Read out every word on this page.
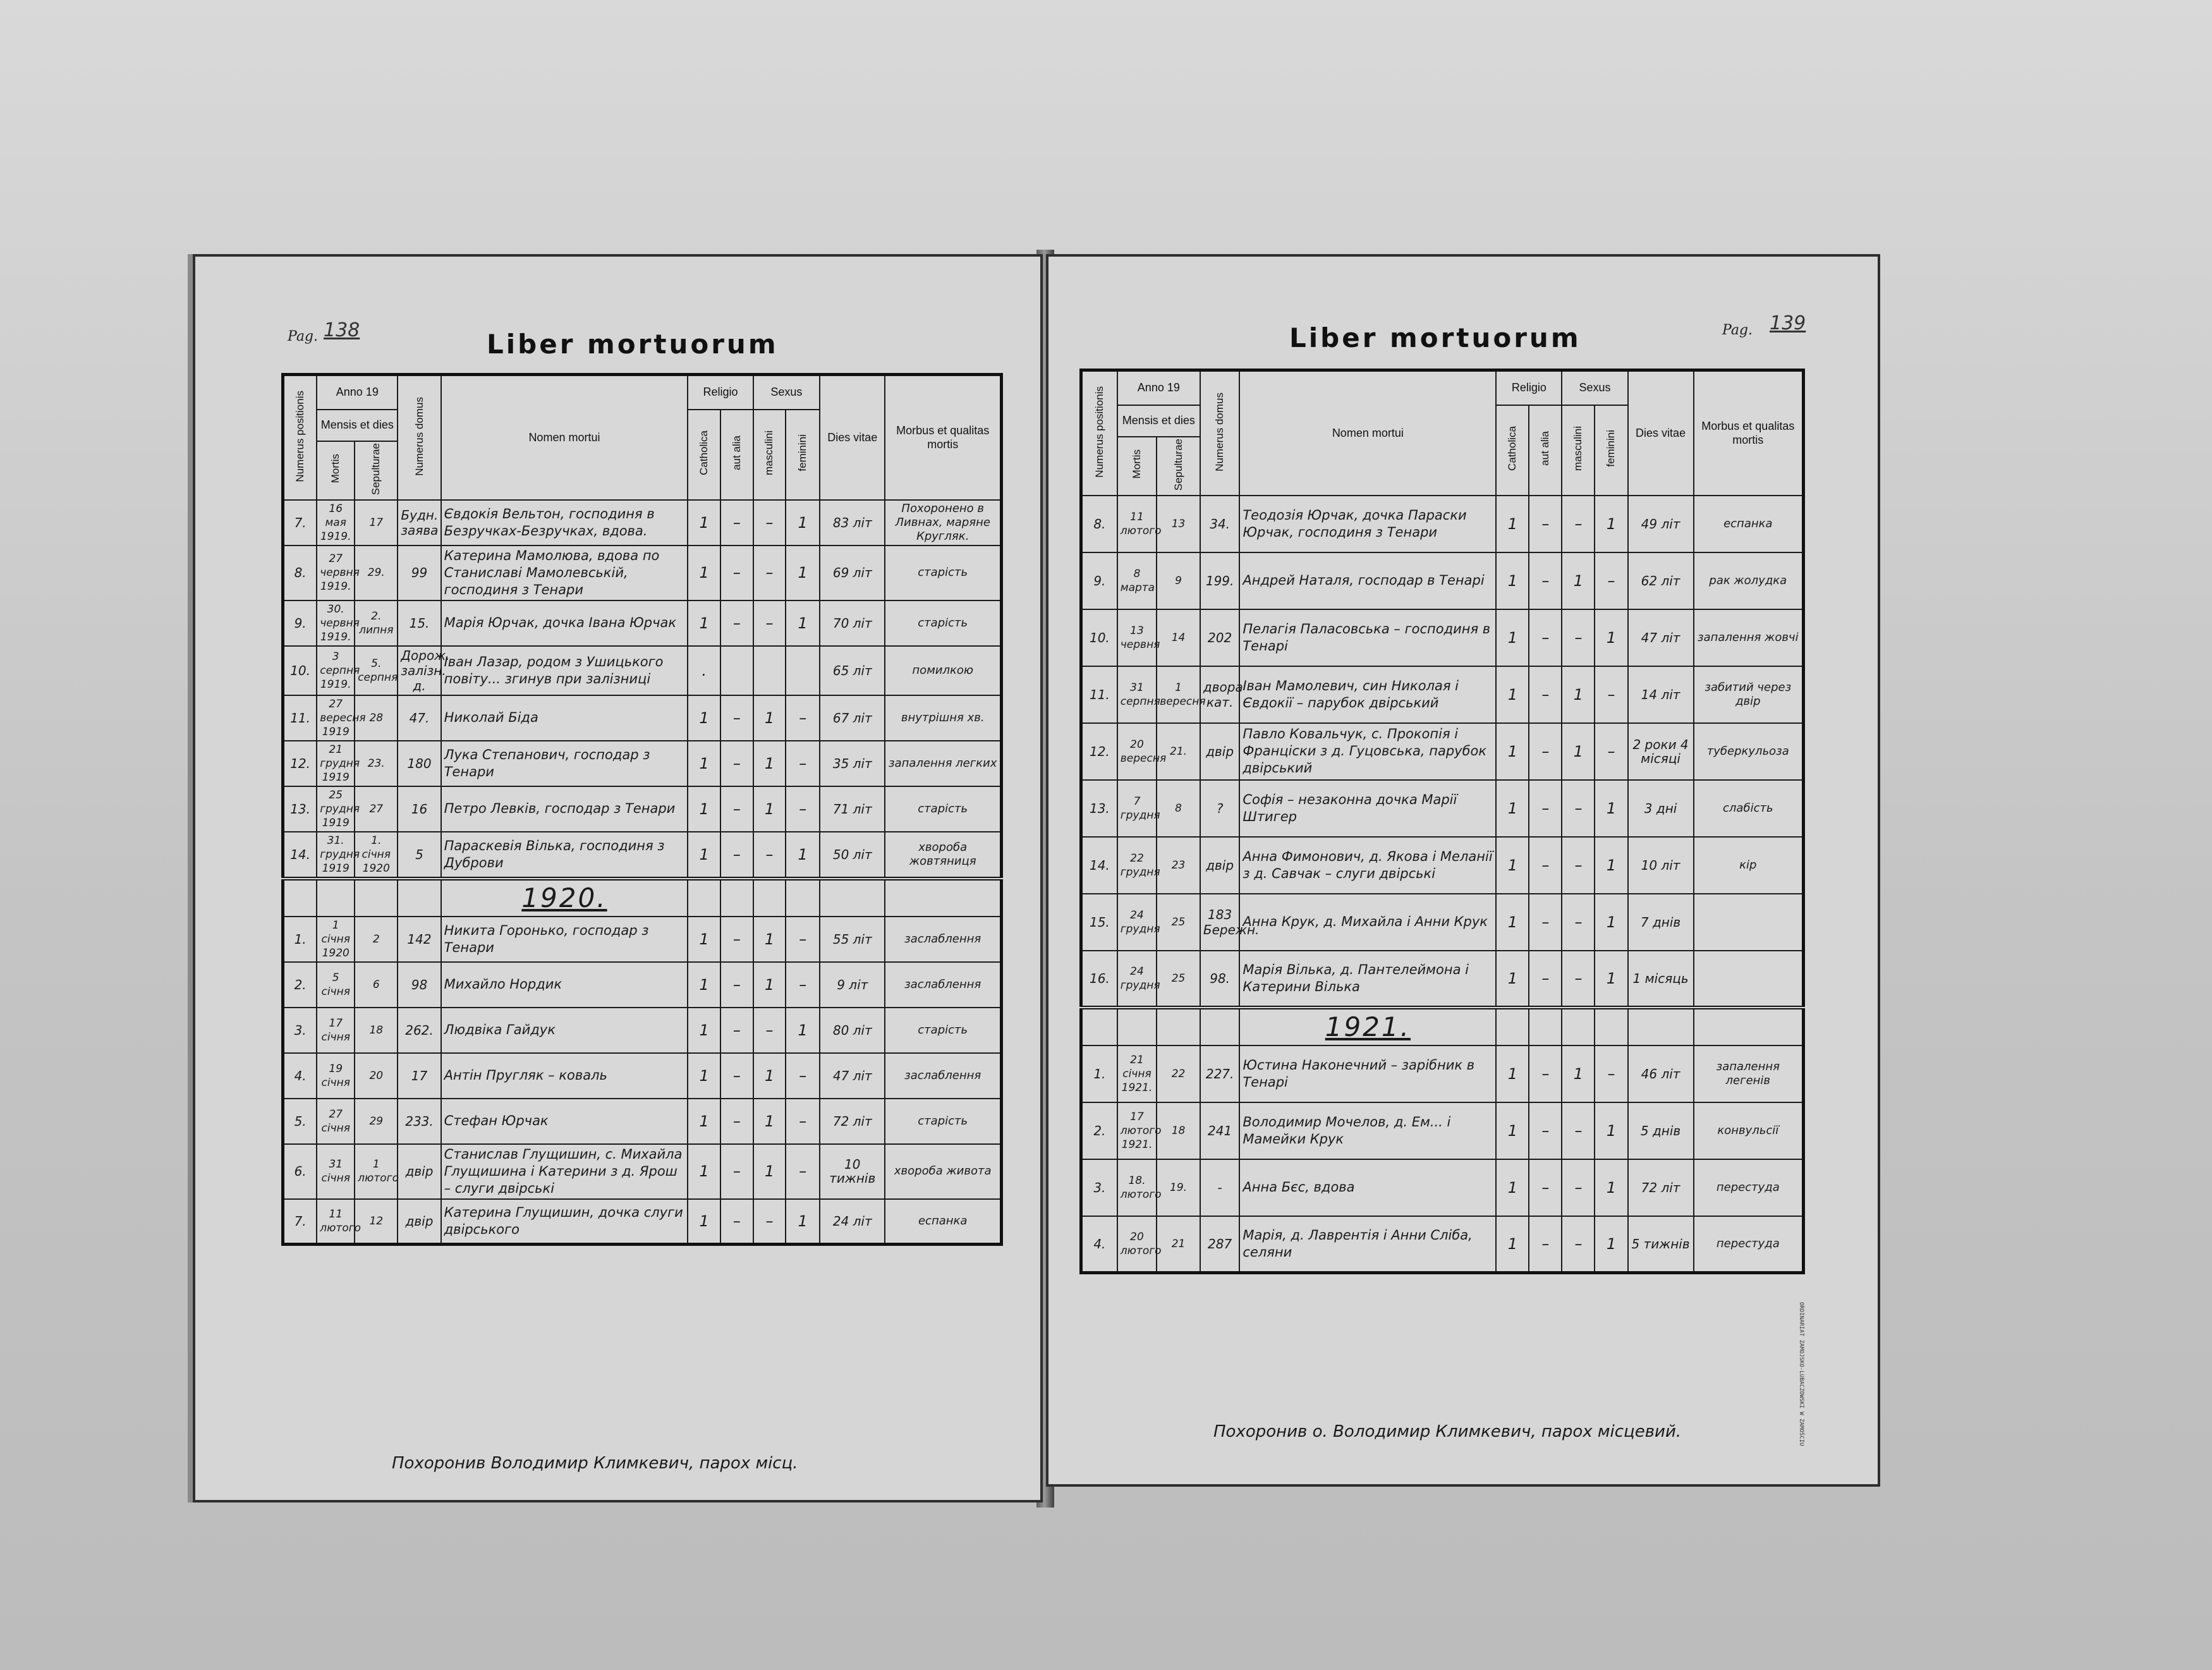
Pag. 138	Liber mortuorum
Numerus positionis	Anno 19		Numerus domus	Nomen mortui	Religio		Sexus		Dies vitae	Morbus et qualitas mortis
	Mensis et dies				Catholica	aut alia	masculini	feminini		
	Mortis	Sepulturae								
7.	16 мая 1919.	17	Будн. заява	Євдокія Вельтон, господиня в Безручках-Безручках, вдова.	1	–	–	1	83 літ	Похоронено в Ливнах, маряне Кругляк.
8.	27 червня 1919.	29.	99	Катерина Мамолюва, вдова по Станиславі Мамолевській, господиня з Тенари	1	–	–	1	69 літ	старість
9.	30. червня 1919.	2. липня	15.	Марія Юрчак, дочка Івана Юрчак	1	–	–	1	70 літ	старість
10.	3 серпня 1919.	5. серпня	Дорож. залізн. д.	Іван Лазар, родом з Ушицького повіту... згинув при залізниці	.				65 літ	помилкою
11.	27 вересня 1919	28	47.	Николай Біда	1	–	1	–	67 літ	внутрішня хв.
12.	21 грудня 1919	23.	180	Лука Степанович, господар з Тенари	1	–	1	–	35 літ	запалення легких
13.	25 грудня 1919	27	16	Петро Левків, господар з Тенари	1	–	1	–	71 літ	старість
14.	31. грудня 1919	1. січня 1920	5	Параскевія Вілька, господиня з Дуброви	1	–	–	1	50 літ	хвороба жовтяниця
				1920.						
1.	1 січня 1920	2	142	Никита Горонько, господар з Тенари	1	–	1	–	55 літ	заслаблення
2.	5 січня	6	98	Михайло Нордик	1	–	1	–	9 літ	заслаблення
3.	17 січня	18	262.	Людвіка Гайдук	1	–	–	1	80 літ	старість
4.	19 січня	20	17	Антін Пругляк – коваль	1	–	1	–	47 літ	заслаблення
5.	27 січня	29	233.	Стефан Юрчак	1	–	1	–	72 літ	старість
6.	31 січня	1 лютого	двір	Станислав Глущишин, с. Михайла Глущишина і Катерини з д. Ярош – слуги двірські	1	–	1	–	10 тижнів	хвороба живота
7.	11 лютого	12	двір	Катерина Глущишин, дочка слуги двірського	1	–	–	1	24 літ	еспанка
Похоронив Володимир Климкевич, парох місц.
Liber mortuorum	Pag. 139
Numerus positionis	Anno 19		Numerus domus	Nomen mortui	Religio		Sexus		Dies vitae	Morbus et qualitas mortis
	Mensis et dies				Catholica	aut alia	masculini	feminini		
	Mortis	Sepulturae								
8.	11 лютого	13	34.	Теодозія Юрчак, дочка Параски Юрчак, господиня з Тенари	1	–	–	1	49 літ	еспанка
9.	8 марта	9	199.	Андрей Наталя, господар в Тенарі	1	–	1	–	62 літ	рак жолудка
10.	13 червня	14	202	Пелагія Паласовська – господиня в Тенарі	1	–	–	1	47 літ	запалення жовчі
11.	31 серпня	1 вересня	двора кат.	Іван Мамолевич, син Николая і Євдокії – парубок двірський	1	–	1	–	14 літ	забитий через двір
12.	20 вересня	21.	двір	Павло Ковальчук, с. Прокопія і Франціски з д. Гуцовська, парубок двірський	1	–	1	–	2 роки 4 місяці	туберкульоза
13.	7 грудня	8	?	Софія – незаконна дочка Марії Штигер	1	–	–	1	3 дні	слабість
14.	22 грудня	23	двір	Анна Фимонович, д. Якова і Меланії з д. Савчак – слуги двірські	1	–	–	1	10 літ	кір
15.	24 грудня	25	183 Бережн.	Анна Крук, д. Михайла і Анни Крук	1	–	–	1	7 днів	
16.	24 грудня	25	98.	Марія Вілька, д. Пантелеймона і Катерини Вілька	1	–	–	1	1 місяць	
				1921.						
1.	21 січня 1921.	22	227.	Юстина Наконечний – зарібник в Тенарі	1	–	1	–	46 літ	запалення легенів
2.	17 лютого 1921.	18	241	Володимир Мочелов, д. Ем... і Мамейки Крук	1	–	–	1	5 днів	конвульсії
3.	18. лютого	19.	-	Анна Бєс, вдова	1	–	–	1	72 літ	перестуда
4.	20 лютого	21	287	Марія, д. Лаврентія і Анни Сліба, селяни	1	–	–	1	5 тижнів	перестуда
Похоронив о. Володимир Климкевич, парох місцевий.	ORDINARIAT ZAMOJSKO-LUBACZOWSKI W ZAMOŚCIU
